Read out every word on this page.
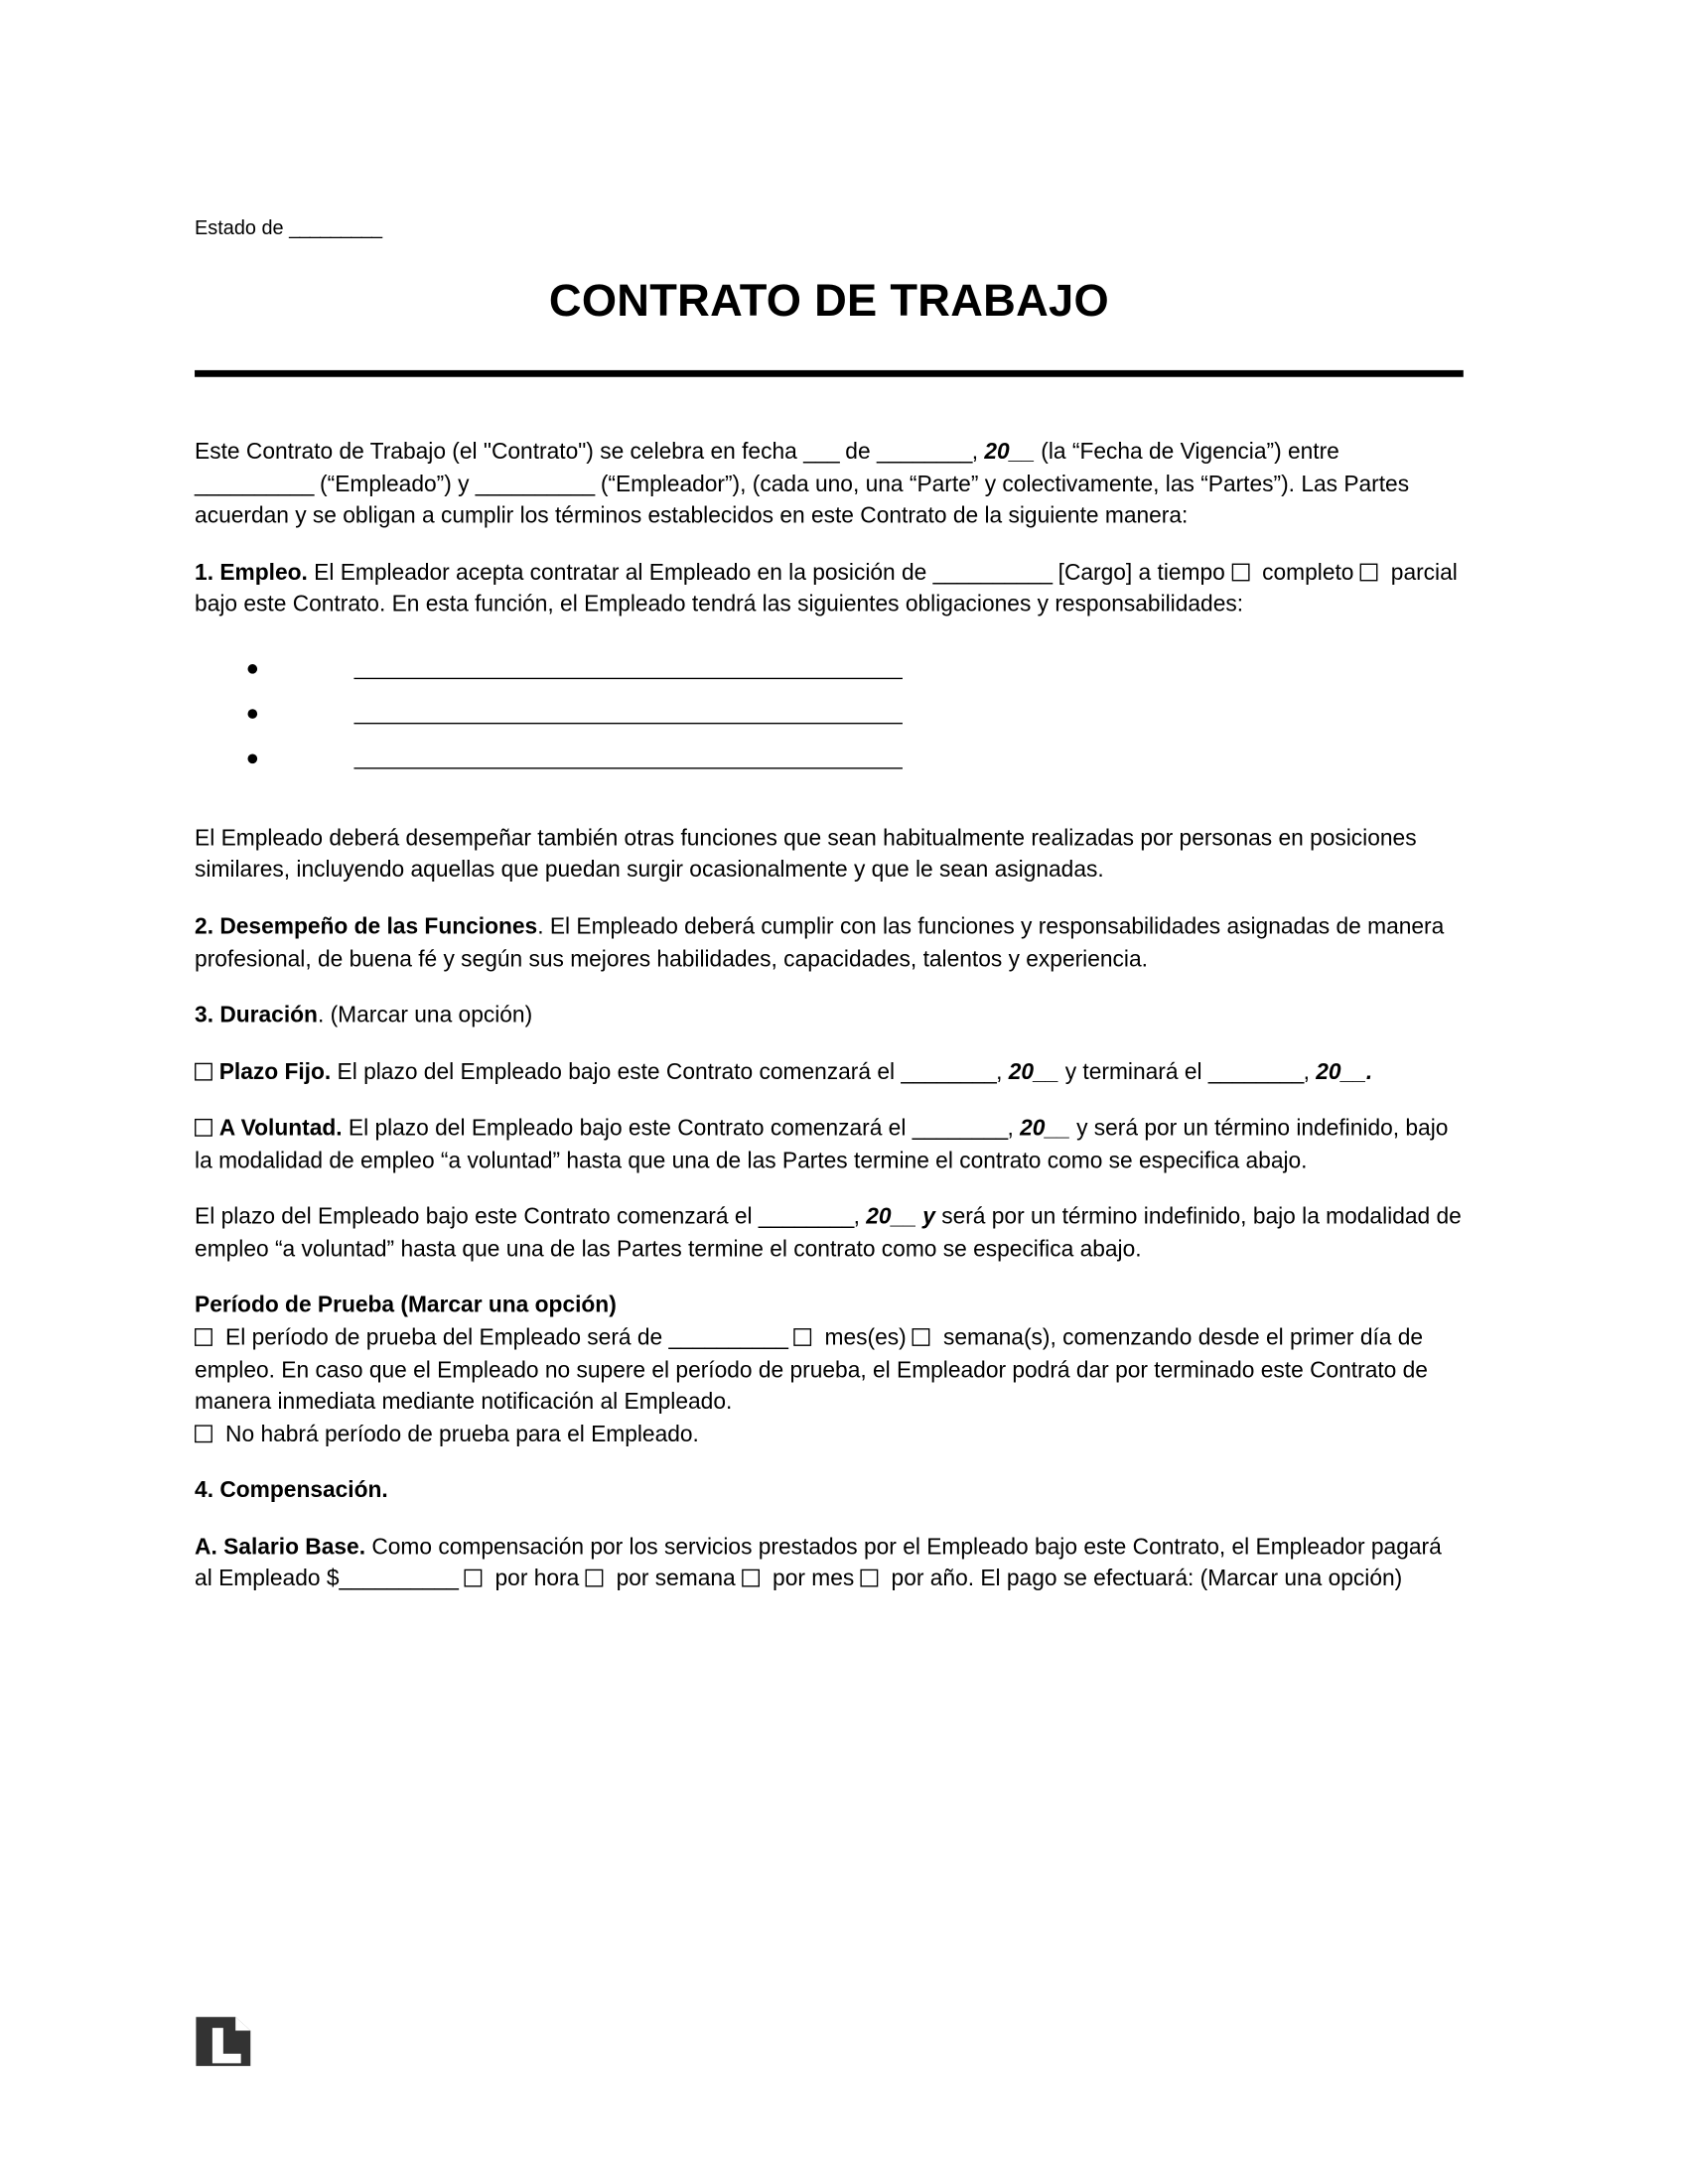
Estado de _________
CONTRATO DE TRABAJO

Este Contrato de Trabajo (el "Contrato") se celebra en fecha ___ de ________, 20__ (la “Fecha de Vigencia”) entre __________ (“Empleado”) y __________ (“Empleador”), (cada uno, una “Parte” y colectivamente, las “Partes”). Las Partes acuerdan y se obligan a cumplir los términos establecidos en este Contrato de la siguiente manera:

1. Empleo. El Empleador acepta contratar al Empleado en la posición de __________ [Cargo] a tiempo  completo  parcial bajo este Contrato. En esta función, el Empleado tendrá las siguientes obligaciones y responsabilidades:

El Empleado deberá desempeñar también otras funciones que sean habitualmente realizadas por personas en posiciones similares, incluyendo aquellas que puedan surgir ocasionalmente y que le sean asignadas.

2. Desempeño de las Funciones. El Empleado deberá cumplir con las funciones y responsabilidades asignadas de manera profesional, de buena fé y según sus mejores habilidades, capacidades, talentos y experiencia.

3. Duración. (Marcar una opción)

Plazo Fijo. El plazo del Empleado bajo este Contrato comenzará el ________, 20__ y terminará el ________, 20__.

A Voluntad. El plazo del Empleado bajo este Contrato comenzará el ________, 20__ y será por un término indefinido, bajo la modalidad de empleo “a voluntad” hasta que una de las Partes termine el contrato como se especifica abajo.

El plazo del Empleado bajo este Contrato comenzará el ________, 20__ y será por un término indefinido, bajo la modalidad de empleo “a voluntad” hasta que una de las Partes termine el contrato como se especifica abajo.

Período de Prueba (Marcar una opción)

El período de prueba del Empleado será de __________  mes(es)  semana(s), comenzando desde el primer día de empleo. En caso que el Empleado no supere el período de prueba, el Empleador podrá dar por terminado este Contrato de manera inmediata mediante notificación al Empleado.

No habrá período de prueba para el Empleado.

4. Compensación.

A. Salario Base. Como compensación por los servicios prestados por el Empleado bajo este Contrato, el Empleador pagará al Empleado $__________  por hora  por semana  por mes  por año. El pago se efectuará: (Marcar una opción)
